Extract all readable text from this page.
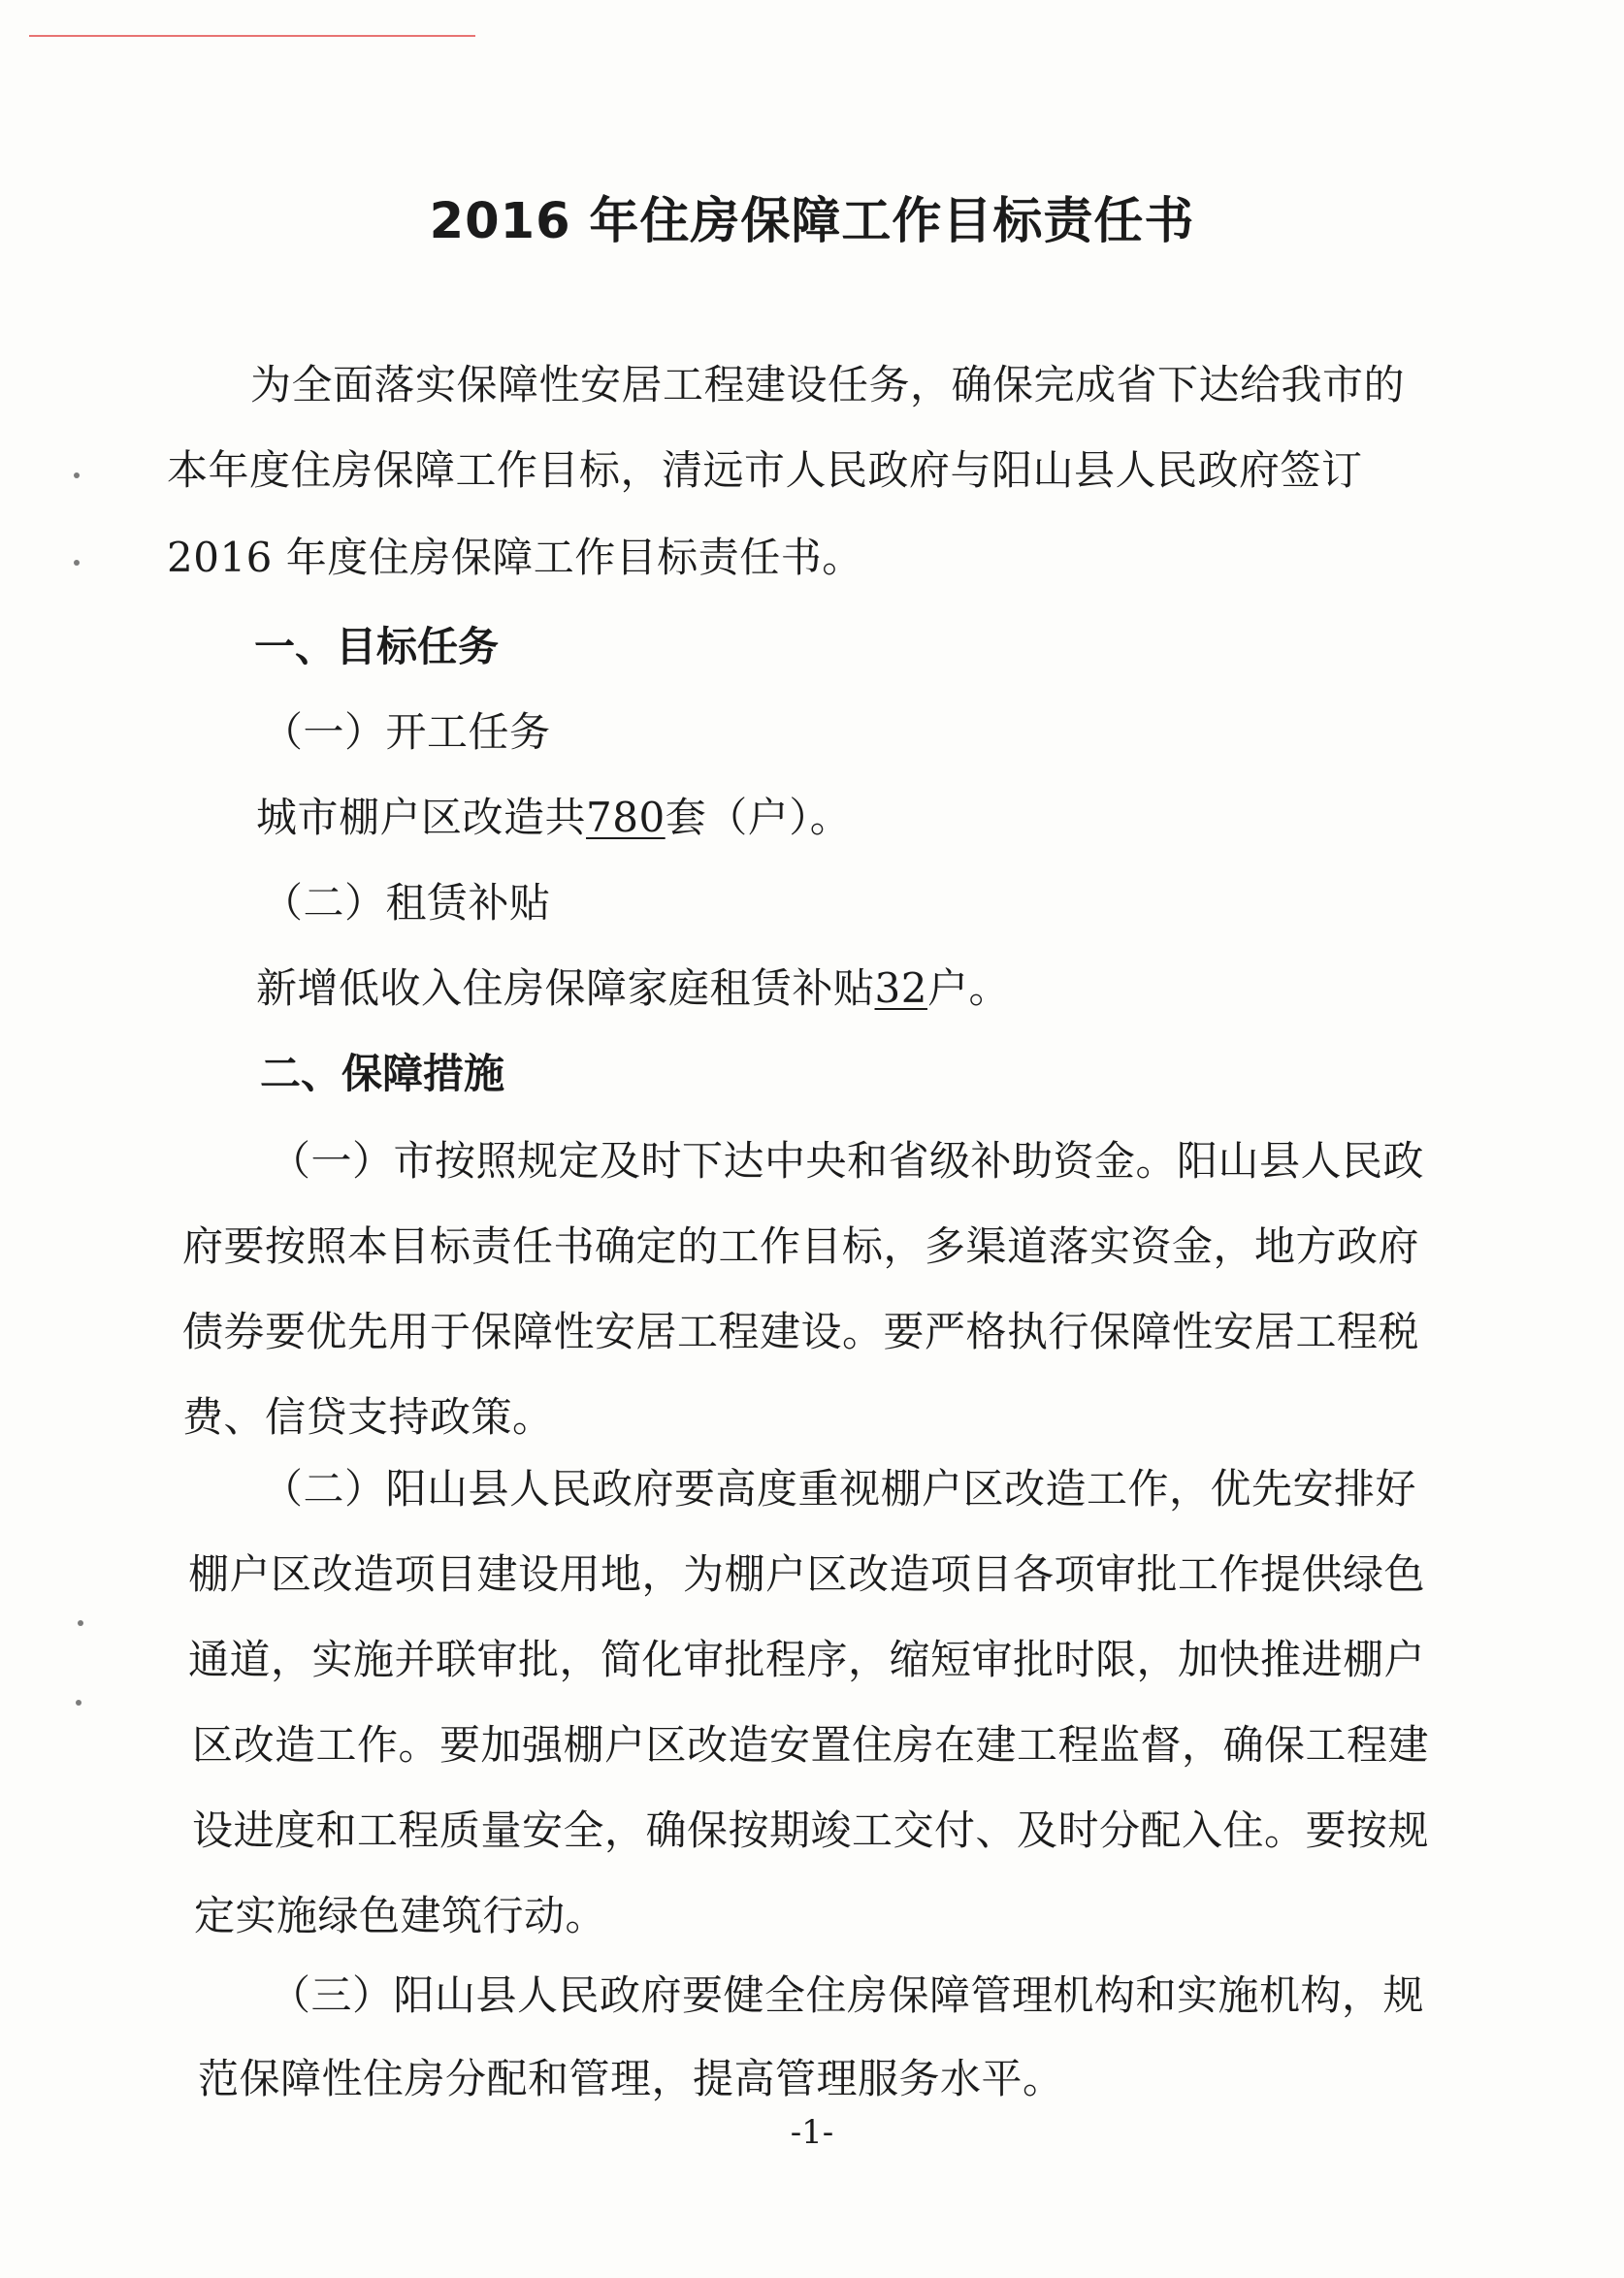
2016 年住房保障工作目标责任书

为全面落实保障性安居工程建设任务，确保完成省下达给我市的

本年度住房保障工作目标，清远市人民政府与阳山县人民政府签订

2016 年度住房保障工作目标责任书。

一、目标任务

（一）开工任务

城市棚户区改造共780套（户）。

（二）租赁补贴

新增低收入住房保障家庭租赁补贴32户。

二、保障措施

（一）市按照规定及时下达中央和省级补助资金。阳山县人民政

府要按照本目标责任书确定的工作目标，多渠道落实资金，地方政府

债券要优先用于保障性安居工程建设。要严格执行保障性安居工程税

费、信贷支持政策。

（二）阳山县人民政府要高度重视棚户区改造工作，优先安排好

棚户区改造项目建设用地，为棚户区改造项目各项审批工作提供绿色

通道，实施并联审批，简化审批程序，缩短审批时限，加快推进棚户

区改造工作。要加强棚户区改造安置住房在建工程监督，确保工程建

设进度和工程质量安全，确保按期竣工交付、及时分配入住。要按规

定实施绿色建筑行动。

（三）阳山县人民政府要健全住房保障管理机构和实施机构，规

范保障性住房分配和管理，提高管理服务水平。

-1-
